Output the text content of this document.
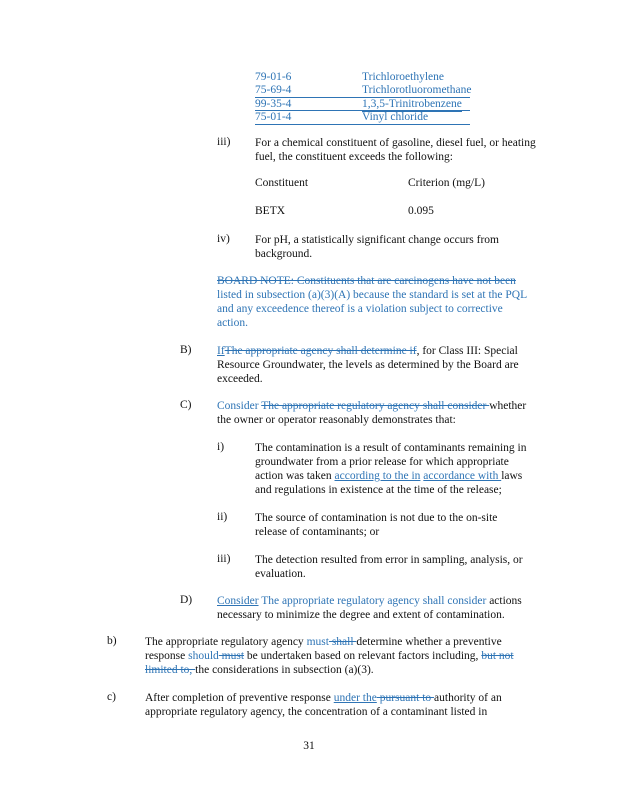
79-01-6	Trichloroethylene
75-69-4	Trichlorotluoromethane
99-35-4	1,3,5-Trinitrobenzene
75-01-4	Vinyl chloride
iii) For a chemical constituent of gasoline, diesel fuel, or heating fuel, the constituent exceeds the following:
Constituent	Criterion (mg/L)
BETX	0.095
iv) For pH, a statistically significant change occurs from background.
BOARD NOTE: Constituents that are carcinogens have not been
listed in subsection (a)(3)(A) because the standard is set at the PQL
and any exceedence thereof is a violation subject to corrective
action.
B) IfThe appropriate agency shall determine if, for Class III: Special
Resource Groundwater, the levels as determined by the Board are
exceeded.
C) Consider The appropriate regulatory agency shall consider whether
the owner or operator reasonably demonstrates that:
i)	The contamination is a result of contaminants remaining in
groundwater from a prior release for which appropriate
action was taken according to the in accordance with laws
and regulations in existence at the time of the release;
ii) The source of contamination is not due to the on-site
release of contaminants; or
iii) The detection resulted from error in sampling, analysis, or
evaluation.
D) Consider The appropriate regulatory agency shall consider actions
necessary to minimize the degree and extent of contamination.
b) The appropriate regulatory agency must shall determine whether a preventive
response should must be undertaken based on relevant factors including, but not
limited to, the considerations in subsection (a)(3).
c)	After completion of preventive response under the pursuant to authority of an
appropriate regulatory agency, the concentration of a contaminant listed in
31
